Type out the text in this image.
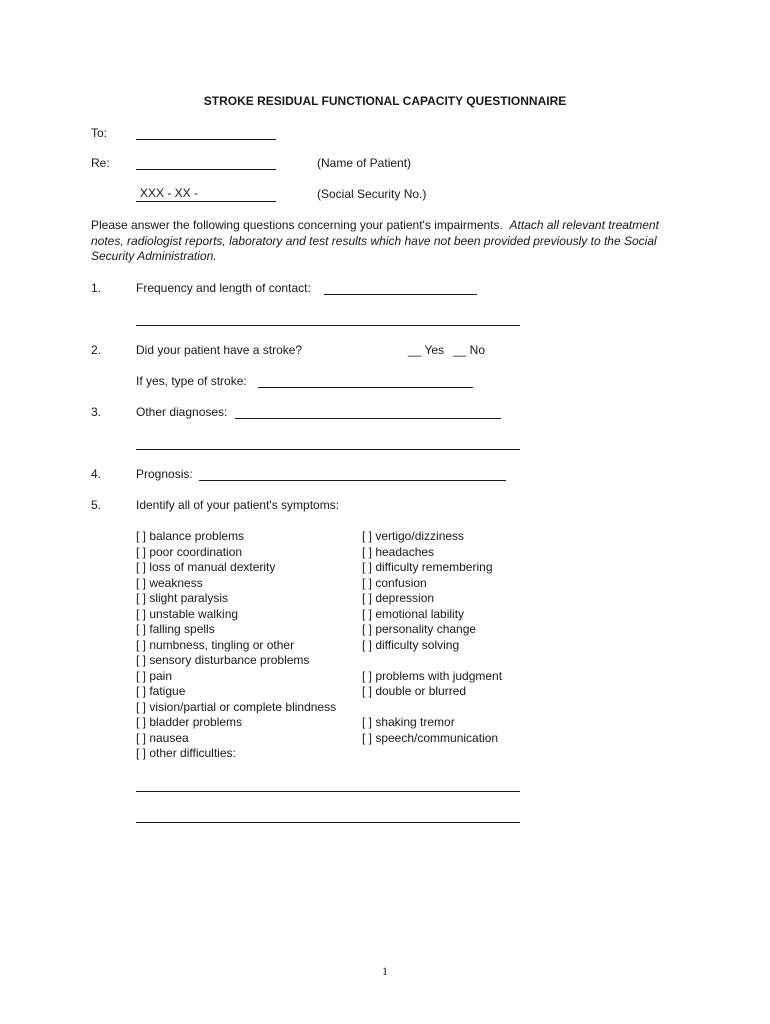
STROKE RESIDUAL FUNCTIONAL CAPACITY QUESTIONNAIRE
To:
Re:	(Name of Patient)
XXX - XX -	(Social Security No.)
Please answer the following questions concerning your patient's impairments. Attach all relevant treatment notes, radiologist reports, laboratory and test results which have not been provided previously to the Social Security Administration.
1.	Frequency and length of contact:
2.	Did your patient have a stroke?	__ Yes __ No
If yes, type of stroke:
3.	Other diagnoses:
4.	Prognosis:
5.	Identify all of your patient's symptoms:
[ ] balance problems
[ ] poor coordination
[ ] loss of manual dexterity
[ ] weakness
[ ] slight paralysis
[ ] unstable walking
[ ] falling spells
[ ] numbness, tingling or other
[ ] sensory disturbance problems
[ ] pain
[ ] fatigue
[ ] vision/partial or complete blindness
[ ] bladder problems
[ ] nausea
[ ] other difficulties:
[ ] vertigo/dizziness
[ ] headaches
[ ] difficulty remembering
[ ] confusion
[ ] depression
[ ] emotional lability
[ ] personality change
[ ] difficulty solving
[ ] problems with judgment
[ ] double or blurred
[ ] shaking tremor
[ ] speech/communication
1
